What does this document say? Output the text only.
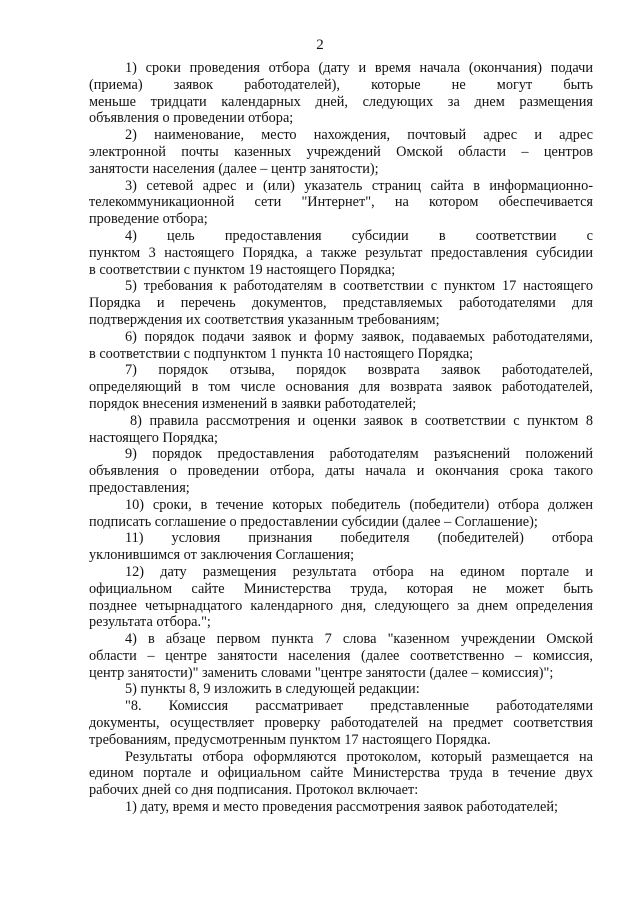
2
1) сроки проведения отбора (дату и время начала (окончания) подачи
(приема) заявок работодателей), которые не могут быть
меньше тридцати календарных дней, следующих за днем размещения
объявления о проведении отбора;
2) наименование, место нахождения, почтовый адрес и адрес
электронной почты казенных учреждений Омской области – центров
занятости населения (далее – центр занятости);
3) сетевой адрес и (или) указатель страниц сайта в информационно-
телекоммуникационной сети "Интернет", на котором обеспечивается
проведение отбора;
4) цель предоставления субсидии в соответствии с
пунктом 3 настоящего Порядка, а также результат предоставления субсидии
в соответствии с пунктом 19 настоящего Порядка;
5) требования к работодателям в соответствии с пунктом 17 настоящего
Порядка и перечень документов, представляемых работодателями для
подтверждения их соответствия указанным требованиям;
6) порядок подачи заявок и форму заявок, подаваемых работодателями,
в соответствии с подпунктом 1 пункта 10 настоящего Порядка;
7) порядок отзыва, порядок возврата заявок работодателей,
определяющий в том числе основания для возврата заявок работодателей,
порядок внесения изменений в заявки работодателей;
8) правила рассмотрения и оценки заявок в соответствии с пунктом 8
настоящего Порядка;
9) порядок предоставления работодателям разъяснений положений
объявления о проведении отбора, даты начала и окончания срока такого
предоставления;
10) сроки, в течение которых победитель (победители) отбора должен
подписать соглашение о предоставлении субсидии (далее – Соглашение);
11) условия признания победителя (победителей) отбора
уклонившимся от заключения Соглашения;
12) дату размещения результата отбора на едином портале и
официальном сайте Министерства труда, которая не может быть
позднее четырнадцатого календарного дня, следующего за днем определения
результата отбора.";
4) в абзаце первом пункта 7 слова "казенном учреждении Омской
области – центре занятости населения (далее соответственно – комиссия,
центр занятости)" заменить словами "центре занятости (далее – комиссия)";
5) пункты 8, 9 изложить в следующей редакции:
"8. Комиссия рассматривает представленные работодателями
документы, осуществляет проверку работодателей на предмет соответствия
требованиям, предусмотренным пунктом 17 настоящего Порядка.
Результаты отбора оформляются протоколом, который размещается на
едином портале и официальном сайте Министерства труда в течение двух
рабочих дней со дня подписания. Протокол включает:
1) дату, время и место проведения рассмотрения заявок работодателей;
